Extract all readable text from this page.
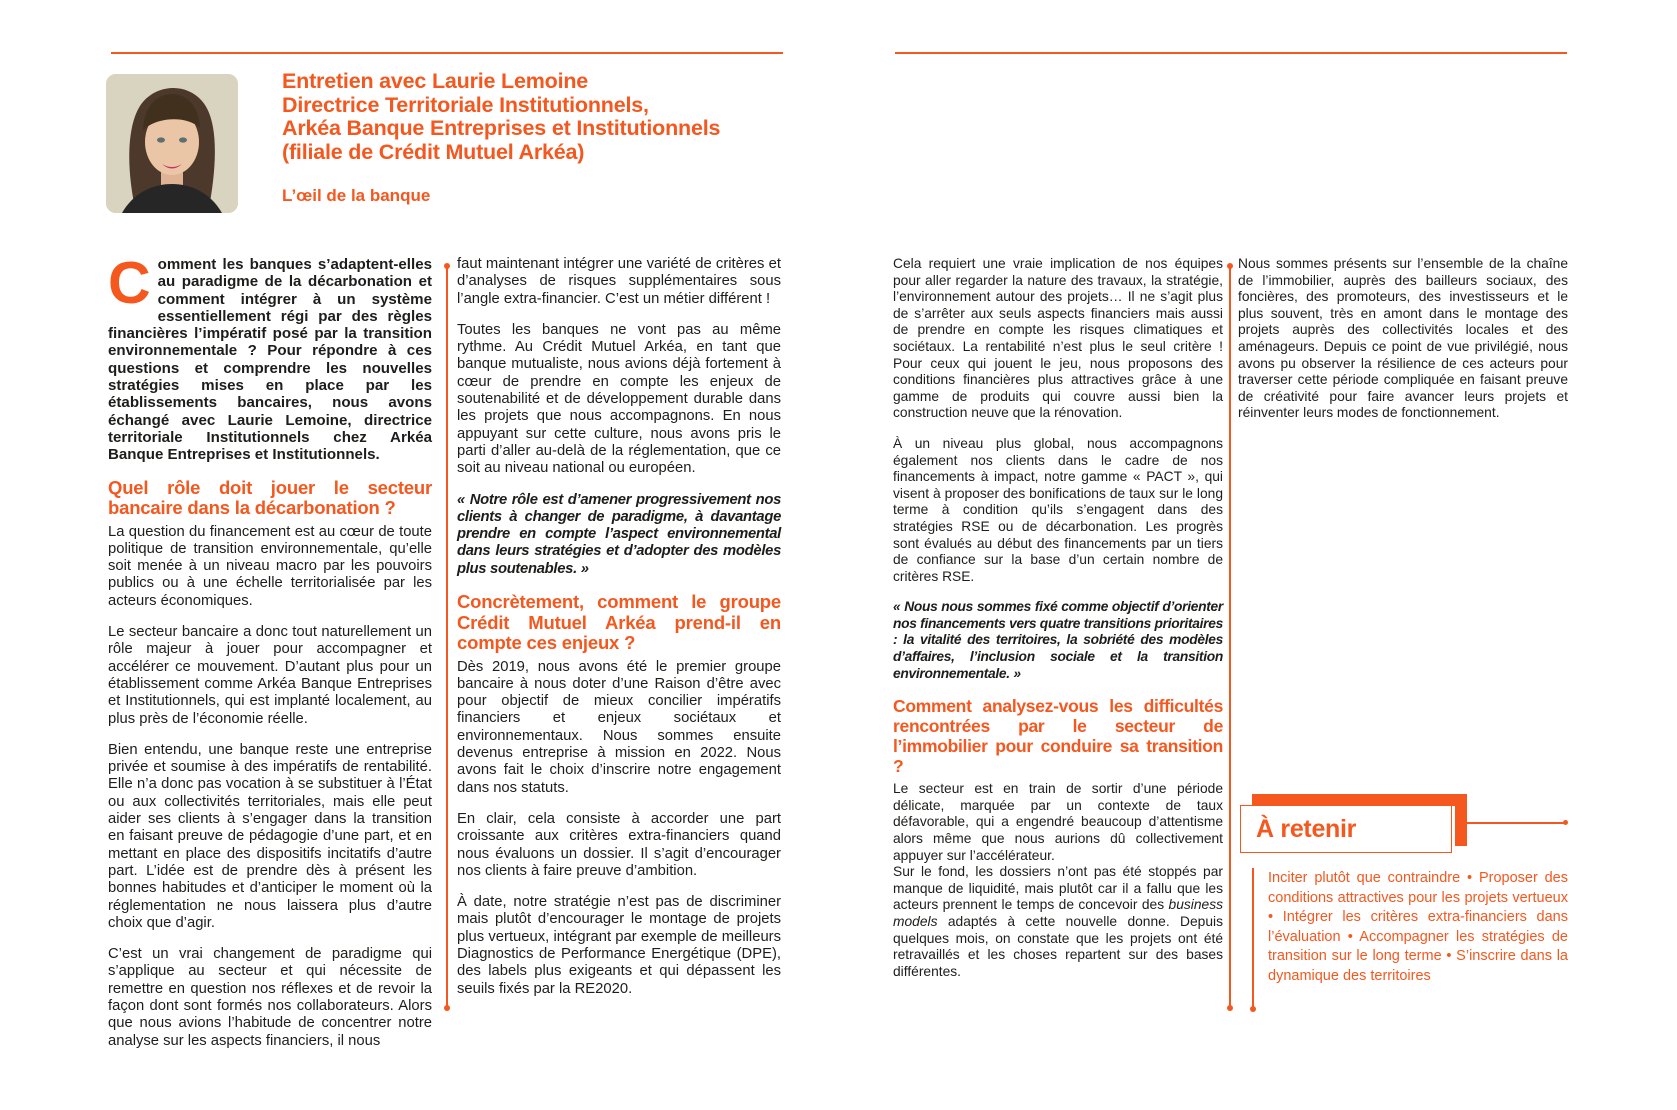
Entretien avec Laurie Lemoine
Directrice Territoriale Institutionnels,
Arkéa Banque Entreprises et Institutionnels
(filiale de Crédit Mutuel Arkéa)
L’œil de la banque

Comment les banques s’adaptent-elles au paradigme de la décarbonation et comment intégrer à un système essentiellement régi par des règles financières l’impératif posé par la transition environnementale ? Pour répondre à ces questions et comprendre les nouvelles stratégies mises en place par les établissements bancaires, nous avons échangé avec Laurie Lemoine, directrice territoriale Institutionnels chez Arkéa Banque Entreprises et Institutionnels.

Quel rôle doit jouer le secteur bancaire dans la décarbonation ?

La question du financement est au cœur de toute politique de transition environnementale, qu’elle soit menée à un niveau macro par les pouvoirs publics ou à une échelle territorialisée par les acteurs économiques.

Le secteur bancaire a donc tout naturellement un rôle majeur à jouer pour accompagner et accélérer ce mouvement. D’autant plus pour un établissement comme Arkéa Banque Entreprises et Institutionnels, qui est implanté localement, au plus près de l’économie réelle.

Bien entendu, une banque reste une entreprise privée et soumise à des impératifs de rentabilité. Elle n’a donc pas vocation à se substituer à l’État ou aux collectivités territoriales, mais elle peut aider ses clients à s’engager dans la transition en faisant preuve de pédagogie d’une part, et en mettant en place des dispositifs incitatifs d’autre part. L’idée est de prendre dès à présent les bonnes habitudes et d’anticiper le moment où la réglementation ne nous laissera plus d’autre choix que d’agir.

C’est un vrai changement de paradigme qui s’applique au secteur et qui nécessite de remettre en question nos réflexes et de revoir la façon dont sont formés nos collaborateurs. Alors que nous avions l’habitude de concentrer notre analyse sur les aspects financiers, il nous

faut maintenant intégrer une variété de critères et d’analyses de risques supplémentaires sous l’angle extra-financier. C’est un métier différent !

Toutes les banques ne vont pas au même rythme. Au Crédit Mutuel Arkéa, en tant que banque mutualiste, nous avions déjà fortement à cœur de prendre en compte les enjeux de soutenabilité et de développement durable dans les projets que nous accompagnons. En nous appuyant sur cette culture, nous avons pris le parti d’aller au-delà de la réglementation, que ce soit au niveau national ou européen.

« Notre rôle est d’amener progressivement nos clients à changer de paradigme, à davantage prendre en compte l’aspect environnemental dans leurs stratégies et d’adopter des modèles plus soutenables. »

Concrètement, comment le groupe Crédit Mutuel Arkéa prend-il en compte ces enjeux ?

Dès 2019, nous avons été le premier groupe bancaire à nous doter d’une Raison d’être avec pour objectif de mieux concilier impératifs financiers et enjeux sociétaux et environnementaux. Nous sommes ensuite devenus entreprise à mission en 2022. Nous avons fait le choix d’inscrire notre engagement dans nos statuts.

En clair, cela consiste à accorder une part croissante aux critères extra-financiers quand nous évaluons un dossier. Il s’agit d’encourager nos clients à faire preuve d’ambition.

À date, notre stratégie n’est pas de discriminer mais plutôt d’encourager le montage de projets plus vertueux, intégrant par exemple de meilleurs Diagnostics de Performance Energétique (DPE), des labels plus exigeants et qui dépassent les seuils fixés par la RE2020.

Cela requiert une vraie implication de nos équipes pour aller regarder la nature des travaux, la stratégie, l’environnement autour des projets… Il ne s’agit plus de s’arrêter aux seuls aspects financiers mais aussi de prendre en compte les risques climatiques et sociétaux. La rentabilité n’est plus le seul critère ! Pour ceux qui jouent le jeu, nous proposons des conditions financières plus attractives grâce à une gamme de produits qui couvre aussi bien la construction neuve que la rénovation.

À un niveau plus global, nous accompagnons également nos clients dans le cadre de nos financements à impact, notre gamme « PACT », qui visent à proposer des bonifications de taux sur le long terme à condition qu’ils s’engagent dans des stratégies RSE ou de décarbonation. Les progrès sont évalués au début des financements par un tiers de confiance sur la base d’un certain nombre de critères RSE.

« Nous nous sommes fixé comme objectif d’orienter nos financements vers quatre transitions prioritaires : la vitalité des territoires, la sobriété des modèles d’affaires, l’inclusion sociale et la transition environnementale. »

Comment analysez-vous les difficultés rencontrées par le secteur de l’immobilier pour conduire sa transition ?

Le secteur est en train de sortir d’une période délicate, marquée par un contexte de taux défavorable, qui a engendré beaucoup d’attentisme alors même que nous aurions dû collectivement appuyer sur l’accélérateur.
Sur le fond, les dossiers n’ont pas été stoppés par manque de liquidité, mais plutôt car il a fallu que les acteurs prennent le temps de concevoir des business models adaptés à cette nouvelle donne. Depuis quelques mois, on constate que les projets ont été retravaillés et les choses repartent sur des bases différentes.

Nous sommes présents sur l’ensemble de la chaîne de l’immobilier, auprès des bailleurs sociaux, des foncières, des promoteurs, des investisseurs et le plus souvent, très en amont dans le montage des projets auprès des collectivités locales et des aménageurs. Depuis ce point de vue privilégié, nous avons pu observer la résilience de ces acteurs pour traverser cette période compliquée en faisant preuve de créativité pour faire avancer leurs projets et réinventer leurs modes de fonctionnement.

À retenir
Inciter plutôt que contraindre • Proposer des conditions attractives pour les projets vertueux • Intégrer les critères extra-financiers dans l’évaluation • Accompagner les stratégies de transition sur le long terme • S’inscrire dans la dynamique des territoires
